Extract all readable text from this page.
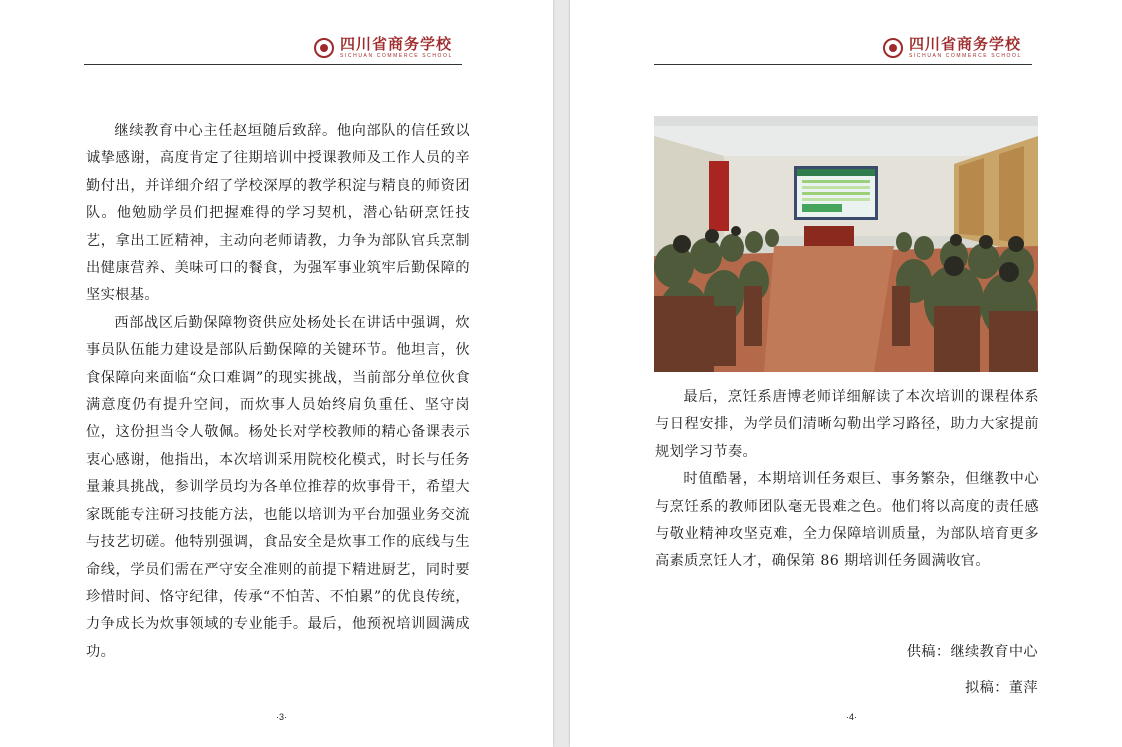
四川省商务学校
SICHUAN COMMERCE SCHOOL

继续教育中心主任赵垣随后致辞。他向部队的信任致以诚挚感谢，高度肯定了往期培训中授课教师及工作人员的辛勤付出，并详细介绍了学校深厚的教学积淀与精良的师资团队。他勉励学员们把握难得的学习契机，潜心钻研烹饪技艺，拿出工匠精神，主动向老师请教，力争为部队官兵烹制出健康营养、美味可口的餐食，为强军事业筑牢后勤保障的坚实根基。

西部战区后勤保障物资供应处杨处长在讲话中强调，炊事员队伍能力建设是部队后勤保障的关键环节。他坦言，伙食保障向来面临“众口难调”的现实挑战，当前部分单位伙食满意度仍有提升空间，而炊事人员始终肩负重任、坚守岗位，这份担当令人敬佩。杨处长对学校教师的精心备课表示衷心感谢，他指出，本次培训采用院校化模式，时长与任务量兼具挑战，参训学员均为各单位推荐的炊事骨干，希望大家既能专注研习技能方法，也能以培训为平台加强业务交流与技艺切磋。他特别强调，食品安全是炊事工作的底线与生命线，学员们需在严守安全准则的前提下精进厨艺，同时要珍惜时间、恪守纪律，传承“不怕苦、不怕累”的优良传统，力争成长为炊事领域的专业能手。最后，他预祝培训圆满成功。

·3·
四川省商务学校
SICHUAN COMMERCE SCHOOL

最后，烹饪系唐博老师详细解读了本次培训的课程体系与日程安排，为学员们清晰勾勒出学习路径，助力大家提前规划学习节奏。

时值酷暑，本期培训任务艰巨、事务繁杂，但继教中心与烹饪系的教师团队毫无畏难之色。他们将以高度的责任感与敬业精神攻坚克难，全力保障培训质量，为部队培育更多高素质烹饪人才，确保第 86 期培训任务圆满收官。

供稿：继续教育中心
拟稿：董萍
·4·
